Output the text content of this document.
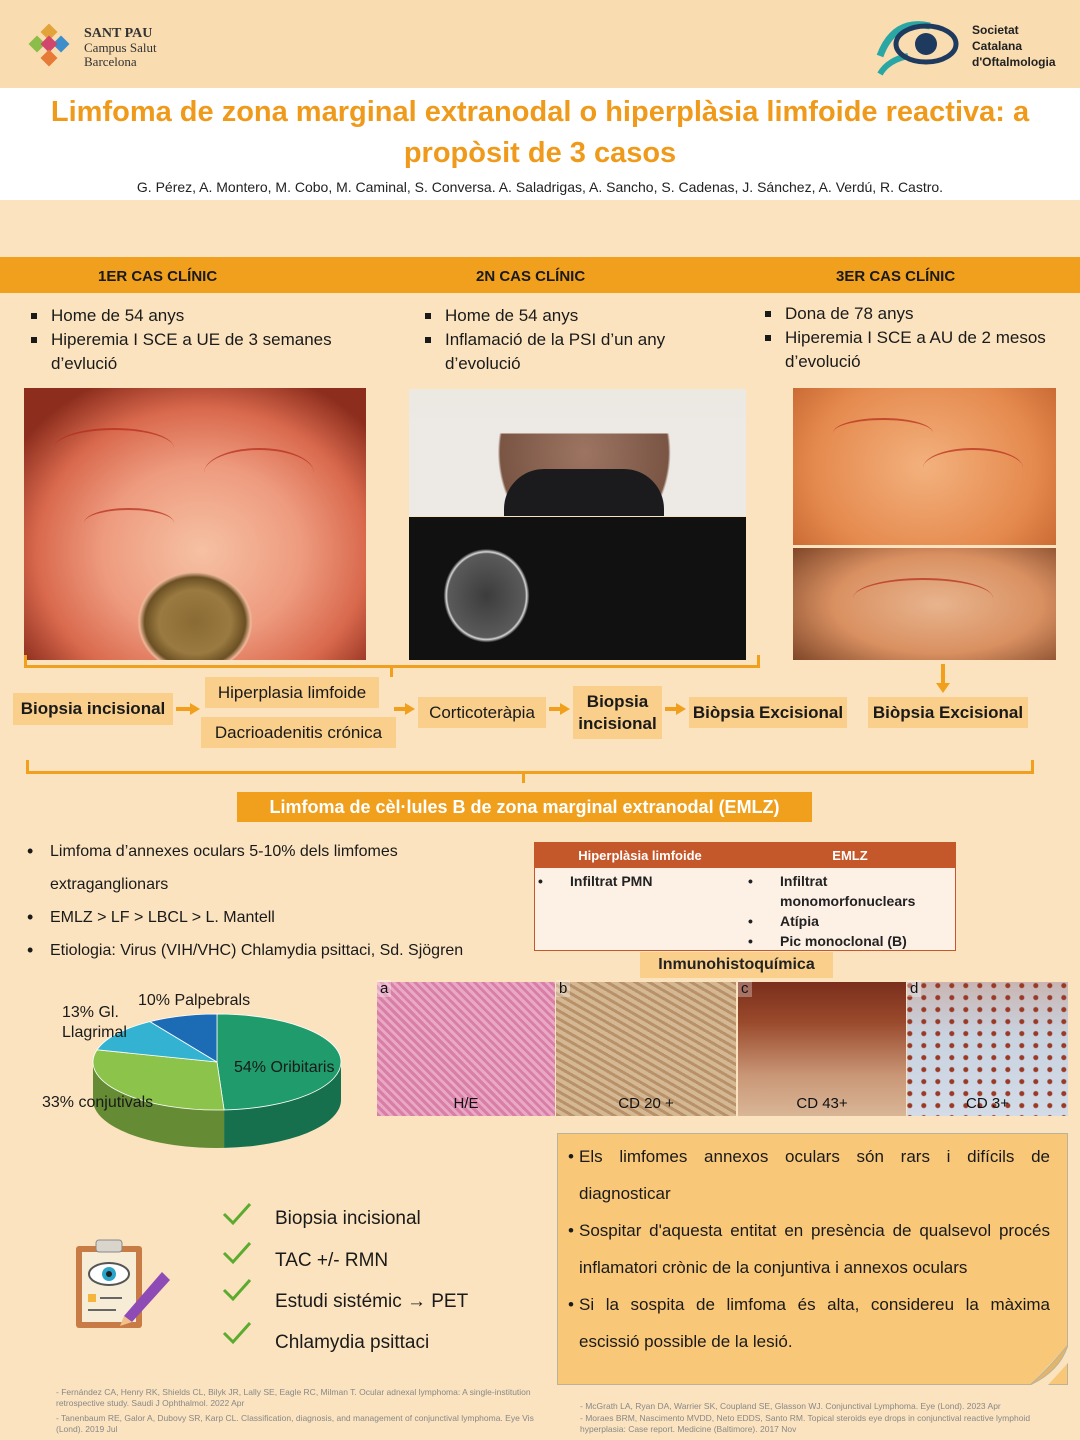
SANT PAU
Campus Salut
Barcelona
Societat
Catalana
d'Oftalmologia
Limfoma de zona marginal extranodal o hiperplàsia limfoide reactiva: a propòsit de 3 casos
G. Pérez, A. Montero, M. Cobo, M. Caminal, S. Conversa. A. Saladrigas, A. Sancho, S. Cadenas, J. Sánchez, A. Verdú, R. Castro.
1ER CAS CLÍNIC	2N CAS CLÍNIC	3ER CAS CLÍNIC
Home de 54 anys
Hiperemia I SCE a UE de 3 semanes d’evlució
Home de 54 anys
Inflamació de la PSI d’un any d’evolució
Dona de 78 anys
Hiperemia I SCE a AU de 2 mesos d’evolució
Biopsia incisional
Hiperplasia limfoide
Dacrioadenitis crónica
Corticoteràpia
Biopsia incisional
Biòpsia Excisional Biòpsia Excisional
Limfoma de cèl·lules B de zona marginal extranodal (EMLZ)
• Limfoma d’annexes oculars 5-10% dels limfomes extraganglionars
• EMLZ > LF > LBCL > L. Mantell
• Etiologia: Virus (VIH/VHC) Chlamydia psittaci, Sd. Sjögren
Hiperplàsia limfoide	EMLZ
• Infiltrat PMN
•	Infiltrat monomorfonuclears
• Atípia
• Pic monoclonal (B)
Inmunohistoquímica
a
H/E
b
CD 20 +
c
CD 43+
d
CD 3+
54% Oribitaris
33% conjutivals
13% Gl. Llagrimal
10% Palpebrals
Biopsia incisional
TAC +/- RMN
Estudi sistémic → PET
Chlamydia psittaci
• Els limfomes annexos oculars són rars i difícils de diagnosticar
• Sospitar d'aquesta entitat en presència de qualsevol procés inflamatori crònic de la conjuntiva i annexos oculars
• Si la sospita de limfoma és alta, considereu la màxima escissió possible de la lesió.
- Fernández CA, Henry RK, Shields CL, Bilyk JR, Lally SE, Eagle RC, Milman T. Ocular adnexal lymphoma: A single-institution retrospective study. Saudi J Ophthalmol. 2022 Apr
- Tanenbaum RE, Galor A, Dubovy SR, Karp CL. Classification, diagnosis, and management of conjunctival lymphoma. Eye Vis (Lond). 2019 Jul
- McGrath LA, Ryan DA, Warrier SK, Coupland SE, Glasson WJ. Conjunctival Lymphoma. Eye (Lond). 2023 Apr
- Moraes BRM, Nascimento MVDD, Neto EDDS, Santo RM. Topical steroids eye drops in conjunctival reactive lymphoid hyperplasia: Case report. Medicine (Baltimore). 2017 Nov
